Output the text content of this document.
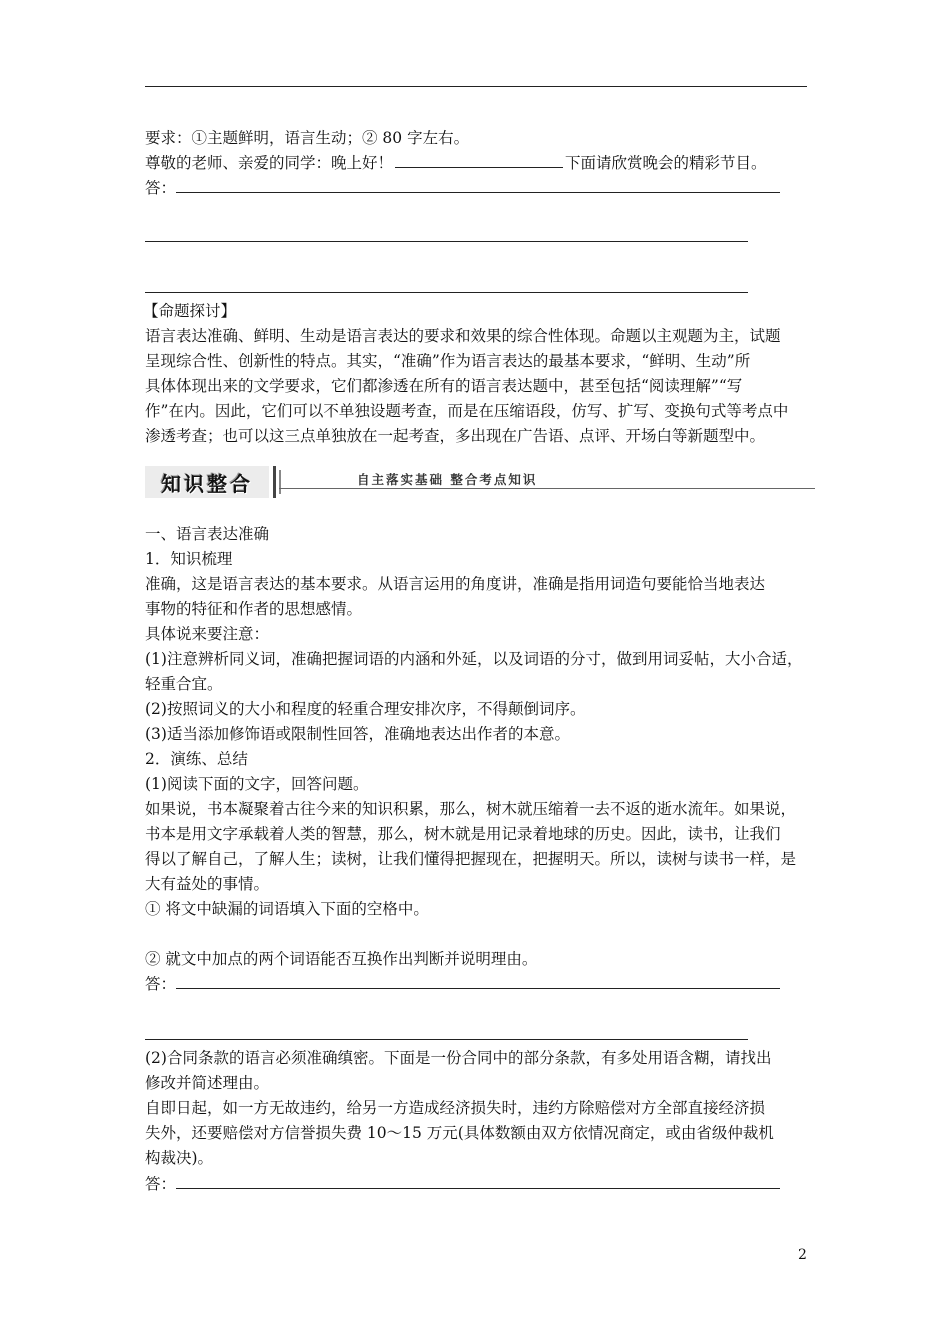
要求：①主题鲜明，语言生动；② 80 字左右。
尊敬的老师、亲爱的同学：晚上好！	下面请欣赏晚会的精彩节目。
答：
【命题探讨】
语言表达准确、鲜明、生动是语言表达的要求和效果的综合性体现。命题以主观题为主，试题
呈现综合性、创新性的特点。其实，“准确”作为语言表达的最基本要求，“鲜明、生动”所
具体体现出来的文学要求，它们都渗透在所有的语言表达题中，甚至包括“阅读理解”“写
作”在内。因此，它们可以不单独设题考查，而是在压缩语段，仿写、扩写、变换句式等考点中
渗透考查；也可以这三点单独放在一起考查，多出现在广告语、点评、开场白等新题型中。
知识整合	自主落实基础 整合考点知识
一、语言表达准确
1．知识梳理
准确，这是语言表达的基本要求。从语言运用的角度讲，准确是指用词造句要能恰当地表达
事物的特征和作者的思想感情。
具体说来要注意：
(1)注意辨析同义词，准确把握词语的内涵和外延，以及词语的分寸，做到用词妥帖，大小合适，
轻重合宜。
(2)按照词义的大小和程度的轻重合理安排次序，不得颠倒词序。
(3)适当添加修饰语或限制性回答，准确地表达出作者的本意。
2．演练、总结
(1)阅读下面的文字，回答问题。
如果说，书本凝聚着古往今来的知识积累，那么，树木就压缩着一去不返的逝水流年。如果说，
书本是用文字承载着人类的智慧，那么，树木就是用记录着地球的历史。因此，读书，让我们
得以了解自己，了解人生；读树，让我们懂得把握现在，把握明天。所以，读树与读书一样，是
大有益处的事情。
① 将文中缺漏的词语填入下面的空格中。
② 就文中加点的两个词语能否互换作出判断并说明理由。
答：
(2)合同条款的语言必须准确缜密。下面是一份合同中的部分条款，有多处用语含糊，请找出
修改并简述理由。
自即日起，如一方无故违约，给另一方造成经济损失时，违约方除赔偿对方全部直接经济损
失外，还要赔偿对方信誉损失费 10～15 万元(具体数额由双方依情况商定，或由省级仲裁机
构裁决)。
答：
2
